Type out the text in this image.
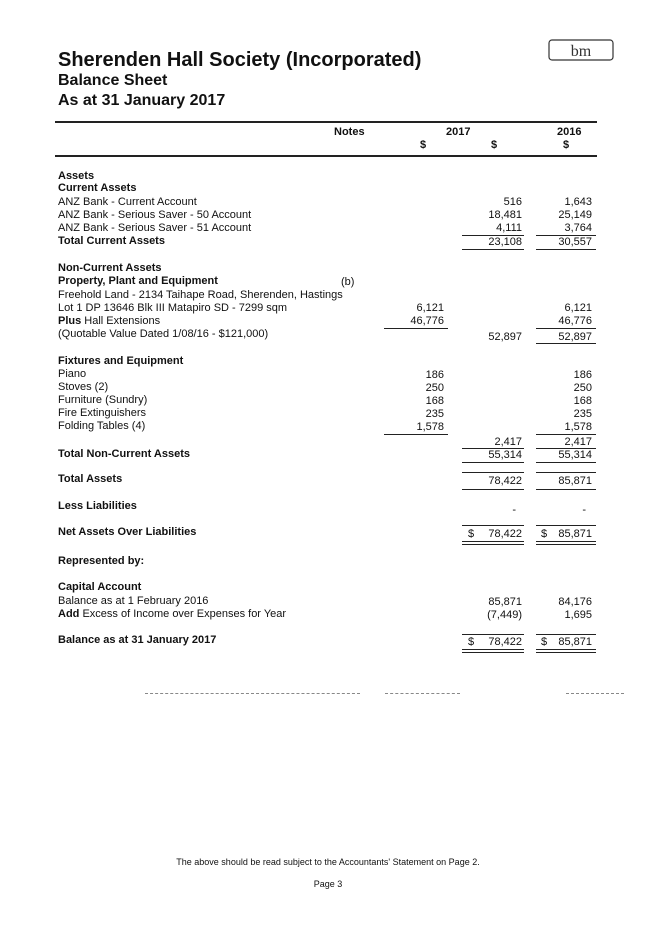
bm
Sherenden Hall Society (Incorporated)
Balance Sheet
As at 31 January 2017
Notes	2017	2016
$	$	$
Assets
Current Assets
ANZ Bank - Current Account	516	1,643
ANZ Bank - Serious Saver - 50 Account	18,481	25,149
ANZ Bank - Serious Saver - 51 Account	4,111	3,764
Total Current Assets	23,108	30,557
Non-Current Assets
Property, Plant and Equipment	(b)
Freehold Land - 2134 Taihape Road, Sherenden, Hastings
Lot 1 DP 13646 Blk III Matapiro SD - 7299 sqm	6,121	6,121
Plus Hall Extensions	46,776	46,776
(Quotable Value Dated 1/08/16 - $121,000)	52,897	52,897
Fixtures and Equipment
Piano	186	186
Stoves (2)	250	250
Furniture (Sundry)	168	168
Fire Extinguishers	235	235
Folding Tables (4)	1,578	1,578
2,417	2,417
Total Non-Current Assets	55,314	55,314
Total Assets	78,422	85,871
Less Liabilities	-	-
Net Assets Over Liabilities	$	78,422 $	85,871
Represented by:
Capital Account
Balance as at 1 February 2016	85,871	84,176
Add Excess of Income over Expenses for Year	(7,449)	1,695
Balance as at 31 January 2017	$	78,422 $	85,871
The above should be read subject to the Accountants' Statement on Page 2.
Page 3
